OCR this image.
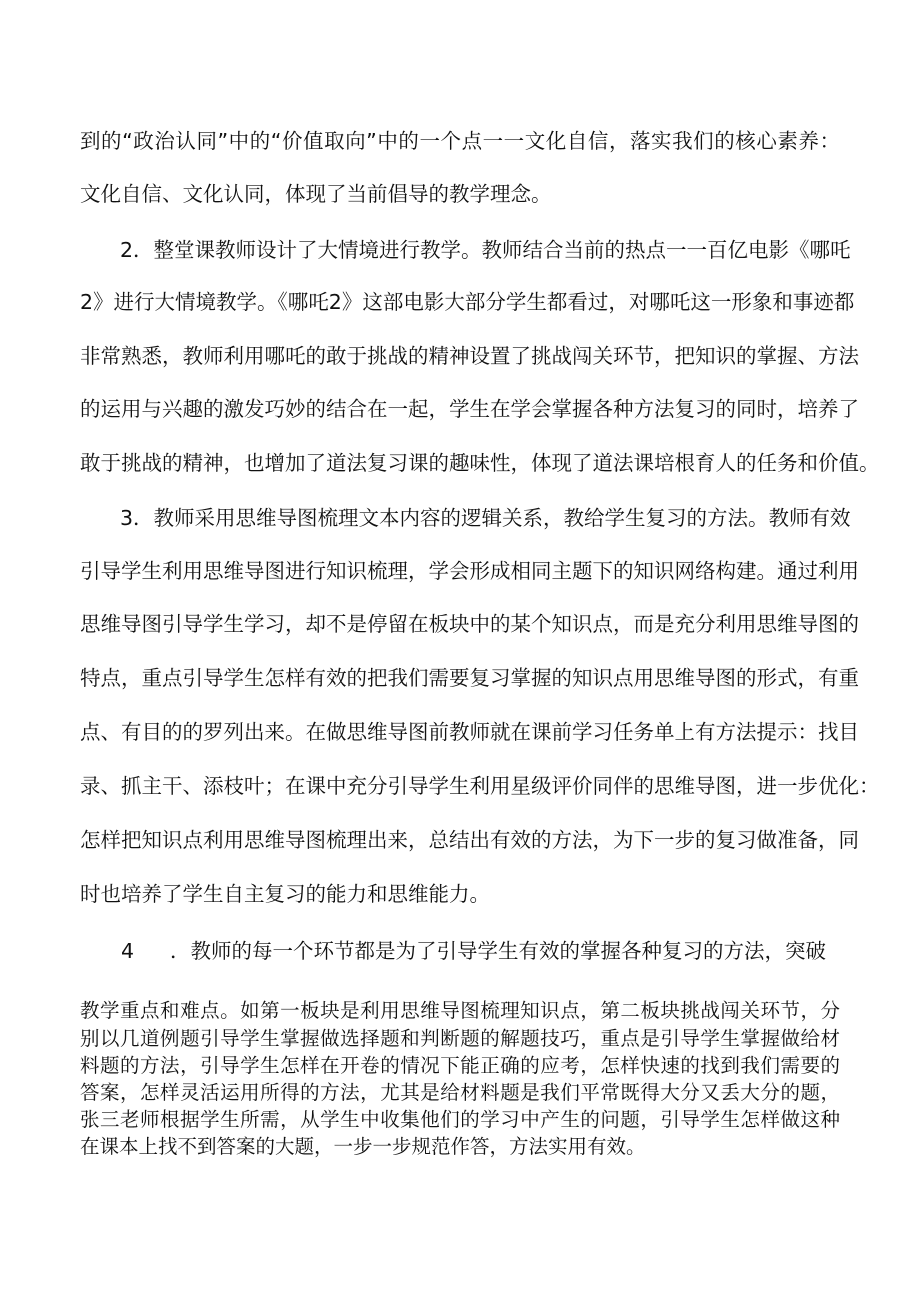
到的“政治认同”中的“价值取向”中的一个点一一文化自信，落实我们的核心素养：

文化自信、文化认同，体现了当前倡导的教学理念。

2．整堂课教师设计了大情境进行教学。教师结合当前的热点一一百亿电影《哪吒

2》进行大情境教学。《哪吒2》这部电影大部分学生都看过，对哪吒这一形象和事迹都

非常熟悉，教师利用哪吒的敢于挑战的精神设置了挑战闯关环节，把知识的掌握、方法

的运用与兴趣的激发巧妙的结合在一起，学生在学会掌握各种方法复习的同时，培养了

敢于挑战的精神，也增加了道法复习课的趣味性，体现了道法课培根育人的任务和价值。

3．教师采用思维导图梳理文本内容的逻辑关系，教给学生复习的方法。教师有效

引导学生利用思维导图进行知识梳理，学会形成相同主题下的知识网络构建。通过利用

思维导图引导学生学习，却不是停留在板块中的某个知识点，而是充分利用思维导图的

特点，重点引导学生怎样有效的把我们需要复习掌握的知识点用思维导图的形式，有重

点、有目的的罗列出来。在做思维导图前教师就在课前学习任务单上有方法提示：找目

录、抓主干、添枝叶；在课中充分引导学生利用星级评价同伴的思维导图，进一步优化：

怎样把知识点利用思维导图梳理出来，总结出有效的方法，为下一步的复习做准备，同

时也培养了学生自主复习的能力和思维能力。

4 ．教师的每一个环节都是为了引导学生有效的掌握各种复习的方法，突破

教学重点和难点。如第一板块是利用思维导图梳理知识点，第二板块挑战闯关环节，分

别以几道例题引导学生掌握做选择题和判断题的解题技巧，重点是引导学生掌握做给材

料题的方法，引导学生怎样在开卷的情况下能正确的应考，怎样快速的找到我们需要的

答案，怎样灵活运用所得的方法，尤其是给材料题是我们平常既得大分又丢大分的题，

张三老师根据学生所需，从学生中收集他们的学习中产生的问题，引导学生怎样做这种

在课本上找不到答案的大题，一步一步规范作答，方法实用有效。
